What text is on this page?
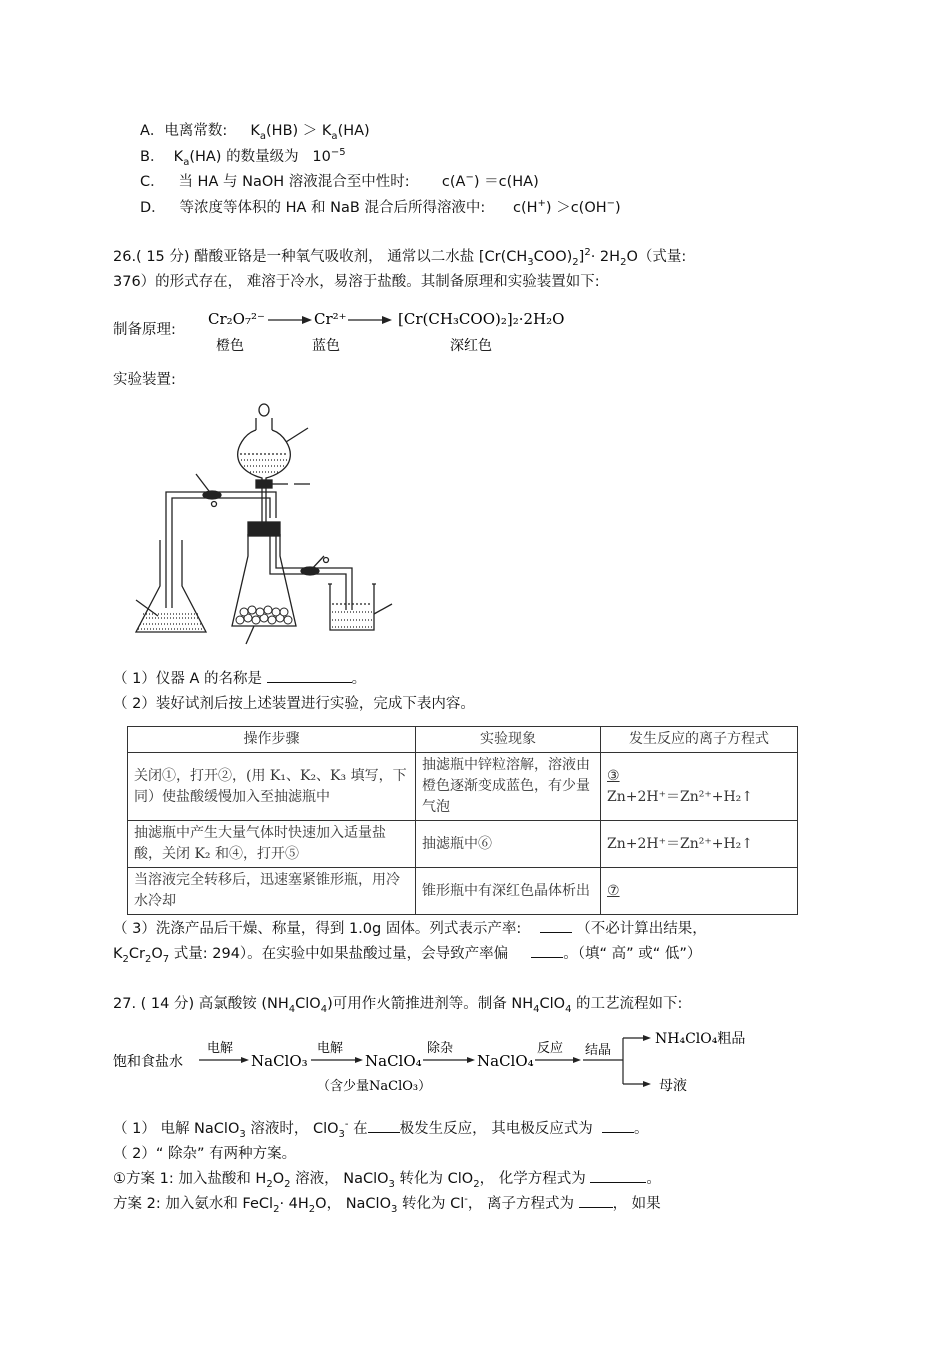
A．电离常数: $K_a(HB) > K_a(HA)$
B． $K_a(HA)$ 的数量级为 $10^{-5}$
C． 当 HA 与 NaOH 溶液混合至中性时: c(A−) ＝c(HA)
D． 等浓度等体积的 HA 和 NaB 混合后所得溶液中: c(H+) ＞c(OH−)
26.( 15 分) 醋酸亚铬是一种氧气吸收剂， 通常以二水盐 $[Cr(CH_3COO)_2]^2\cdot 2H_2O$（式量:
376）的形式存在， 难溶于冷水，易溶于盐酸。其制备原理和实验装置如下:
制备原理:
Cr₂O₇²⁻	Cr²⁺	[Cr(CH₃COO)₂]₂·2H₂O
橙色	蓝色	深红色
实验装置:
（ 1）仪器 A 的名称是	。
（ 2）装好试剂后按上述装置进行实验，完成下表内容。
操作步骤	实验现象	发生反应的离子方程式
关闭①，打开②，(用 K₁、K₂、K₃ 填写，下同）使盐酸缓慢加入至抽滤瓶中	抽滤瓶中锌粒溶解，溶液由橙色逐渐变成蓝色，有少量气泡	③
Zn+2H⁺＝Zn²⁺+H₂↑

抽滤瓶中产生大量气体时快速加入适量盐酸，关闭 K₂ 和④，打开⑤	抽滤瓶中⑥	Zn+2H⁺＝Zn²⁺+H₂↑
当溶液完全转移后，迅速塞紧锥形瓶，用冷水冷却	锥形瓶中有深红色晶体析出	⑦
（ 3）洗涤产品后干燥、称量，得到 1.0g 固体。列式表示产率:	（不必计算出结果，
$K_2Cr_2O_7$ 式量: 294）。在实验中如果盐酸过量，会导致产率偏	。（填“ 高” 或“ 低”）
27. ( 14 分) 高氯酸铵 $(NH_4ClO_4)$可用作火箭推进剂等。制备 $NH_4ClO_4$ 的工艺流程如下:
饱和食盐水
电解
NaClO₃
电解
NaClO₄
（含少量NaClO₃）
除杂
NaClO₄
反应 结晶
NH₄ClO₄粗品
母液
（ 1） 电解 NaClO$_3$ 溶液时， ClO$_3$- 在 极发生反应， 其电极反应式为	。
（ 2）“ 除杂” 有两种方案。
①方案 1: 加入盐酸和 $H_2O_2$ 溶液， NaClO$_3$ 转化为 ClO$_2$， 化学方程式为	。
方案 2: 加入氨水和 FeCl$_2$· $4H_2O$， NaClO$_3$ 转化为 Cl-， 离子方程式为	， 如果
